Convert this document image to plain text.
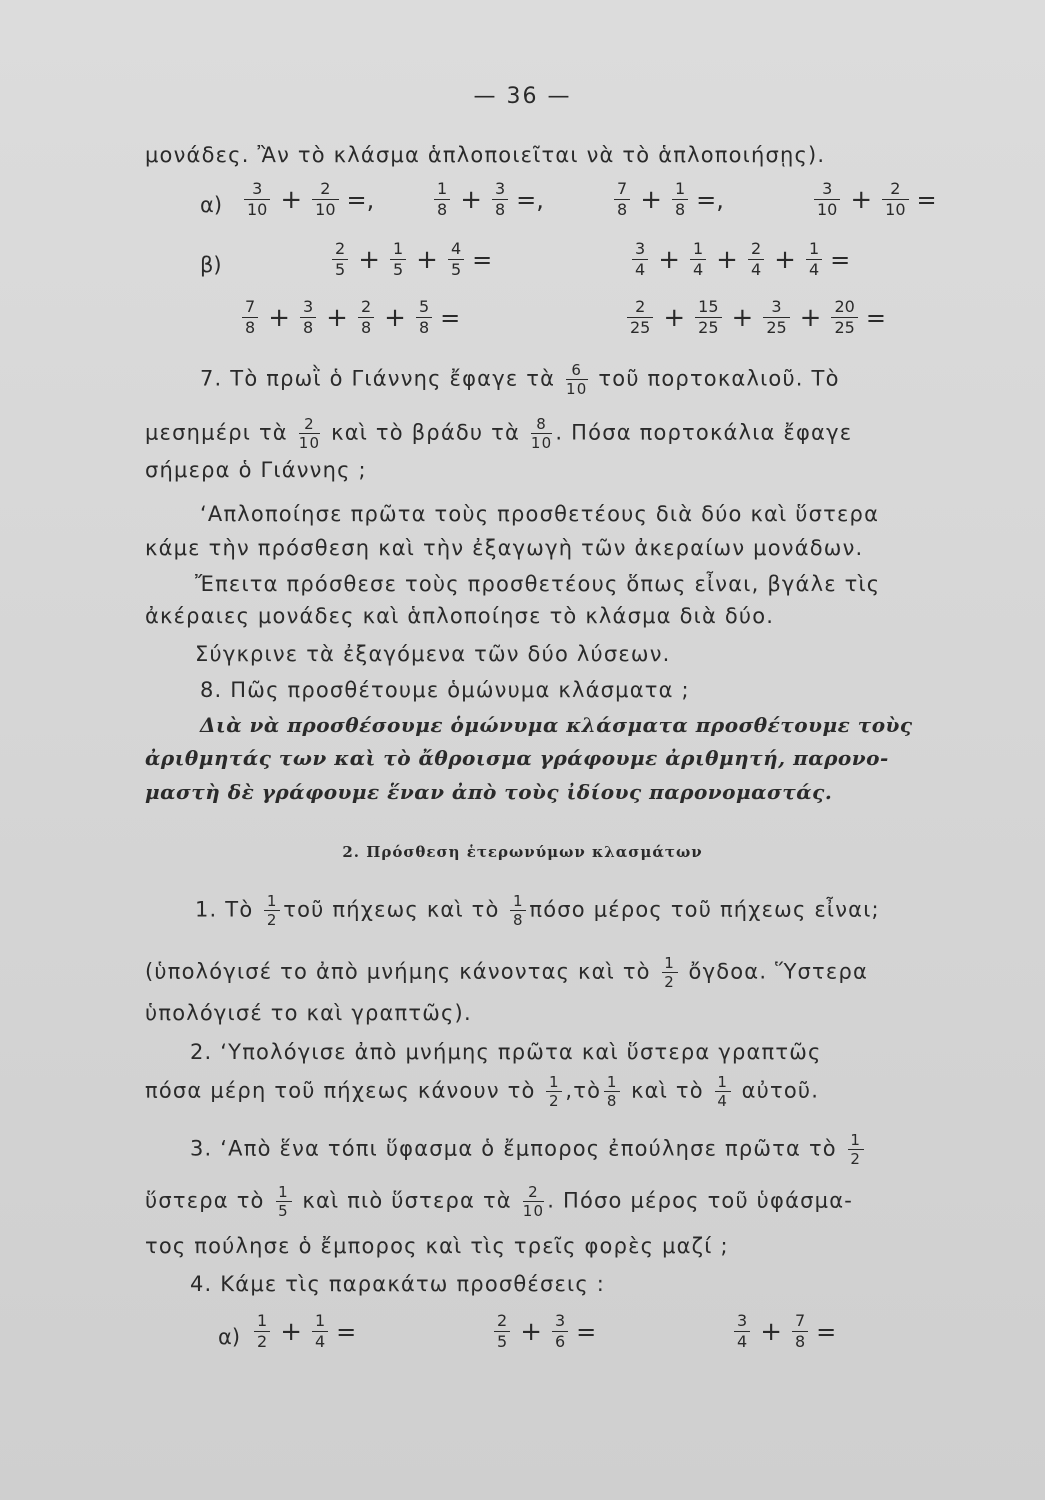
— 36 —
μονάδες. Ἂν τὸ κλάσμα ἁπλοποιεῖται νὰ τὸ ἁπλοποιήσῃς).
$\alpha) \frac{3}{10} + \frac{2}{10}$ =,	$\frac{1}{8} + \frac{3}{8}$ =,	$\frac{7}{8} + \frac{1}{8}$ =,	$\frac{3}{10} + \frac{2}{10}$ =
β)	$\frac{2}{5} + \frac{1}{5} + \frac{4}{5}$ =	$\frac{3}{4} + \frac{1}{4} + \frac{2}{4} + \frac{1}{4}$ =
$\frac{7}{8} + \frac{3}{8} + \frac{2}{8} + \frac{5}{8}$ =	$\frac{2}{25} + \frac{15}{25} + \frac{3}{25} + \frac{20}{25}$ =
7. Τὸ πρωῒ ὁ Γιάννης ἔφαγε τὰ $\frac{6}{10}$ τοῦ πορτοκαλιοῦ. Τὸ
μεσημέρι τὰ $\frac{2}{10}$ καὶ τὸ βράδυ τὰ $\frac{8}{10}$ . Πόσα πορτοκάλια ἔφαγε
σήμερα ὁ Γιάννης ;
‘Απλοποίησε πρῶτα τοὺς προσθετέους διὰ δύο καὶ ὕστερα
κάμε τὴν πρόσθεση καὶ τὴν ἐξαγωγὴ τῶν ἀκεραίων μονάδων.
Ἔπειτα πρόσθεσε τοὺς προσθετέους ὅπως εἶναι, βγάλε τὶς
ἀκέραιες μονάδες καὶ ἁπλοποίησε τὸ κλάσμα διὰ δύο.
Σύγκρινε τὰ ἐξαγόμενα τῶν δύο λύσεων.
8. Πῶς προσθέτουμε ὁμώνυμα κλάσματα ;
Διὰ νὰ προσθέσουμε ὁμώνυμα κλάσματα προσθέτουμε τοὺς
ἀριθμητάς των καὶ τὸ ἄθροισμα γράφουμε ἀριθμητή, παρονο-
μαστὴ δὲ γράφουμε ἕναν ἀπὸ τοὺς ἰδίους παρονομαστάς.
2. Πρόσθεση ἑτερωνύμων κλασμάτων
1. Τὸ $\frac{1}{2}$ τοῦ πήχεως καὶ τὸ $\frac{1}{8}$ πόσο μέρος τοῦ πήχεως εἶναι;
(ὑπολόγισέ το ἀπὸ μνήμης κάνοντας καὶ τὸ $\frac{1}{2}$ ὄγδοα. Ὕστερα
ὑπολόγισέ το καὶ γραπτῶς).
2. ‘Υπολόγισε ἀπὸ μνήμης πρῶτα καὶ ὕστερα γραπτῶς
πόσα μέρη τοῦ πήχεως κάνουν τὸ $\frac{1}{2}$ ,τὸ $\frac{1}{8}$ καὶ τὸ $\frac{1}{4}$ αὐτοῦ.
3. ‘Απὸ ἕνα τόπι ὕφασμα ὁ ἔμπορος ἐπούλησε πρῶτα τὸ $\frac{1}{2}$
ὕστερα τὸ $\frac{1}{5}$ καὶ πιὸ ὕστερα τὰ $\frac{2}{10}$ . Πόσο μέρος τοῦ ὑφάσμα-
τος πούλησε ὁ ἔμπορος καὶ τὶς τρεῖς φορὲς μαζί ;
4. Κάμε τὶς παρακάτω προσθέσεις :
$\alpha) \frac{1}{2} + \frac{1}{4}$ =	$\frac{2}{5} + \frac{3}{6}$ =	$\frac{3}{4} + \frac{7}{8}$ =
